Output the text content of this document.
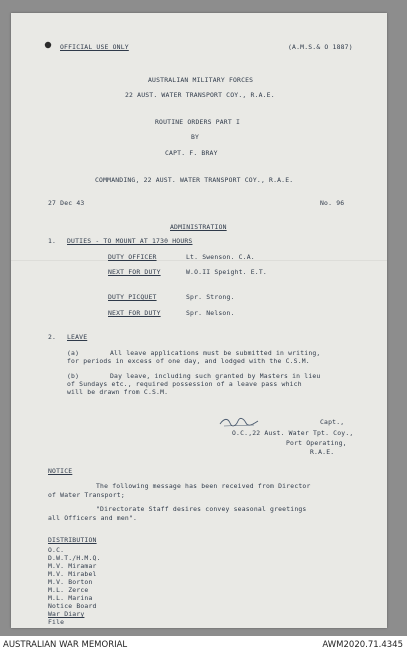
OFFICIAL USE ONLY	(A.M.S.& O 1887)
AUSTRALIAN MILITARY FORCES
22 AUST. WATER TRANSPORT COY., R.A.E.
ROUTINE ORDERS PART I
BY
CAPT. F. BRAY
COMMANDING, 22 AUST. WATER TRANSPORT COY., R.A.E.
27 Dec 43	No. 96
ADMINISTRATION
1. DUTIES - TO MOUNT AT 1730 HOURS
DUTY OFFICER	Lt. Swenson. C.A.
NEXT FOR DUTY	W.O.II Speight. E.T.
DUTY PICQUET	Spr. Strong.
NEXT FOR DUTY	Spr. Nelson.
2. LEAVE
(a)	All leave applications must be submitted in writing,
for periods in excess of one day, and lodged with the C.S.M.
(b)	Day leave, including such granted by Masters in lieu
of Sundays etc., required possession of a leave pass which
will be drawn from C.S.M.
Capt.,
O.C.,22 Aust. Water Tpt. Coy.,
Port Operating,
R.A.E.
NOTICE
The following message has been received from Director
of Water Transport;
"Directorate Staff desires convey seasonal greetings
all Officers and men".
DISTRIBUTION
O.C.
D.W.T./H.M.Q.
M.V. Miramar
M.V. Mirabel
M.V. Borton
M.L. Zerce
M.L. Marina
Notice Board
War Diary
File
AUSTRALIAN WAR MEMORIAL	AWM2020.71.4345
